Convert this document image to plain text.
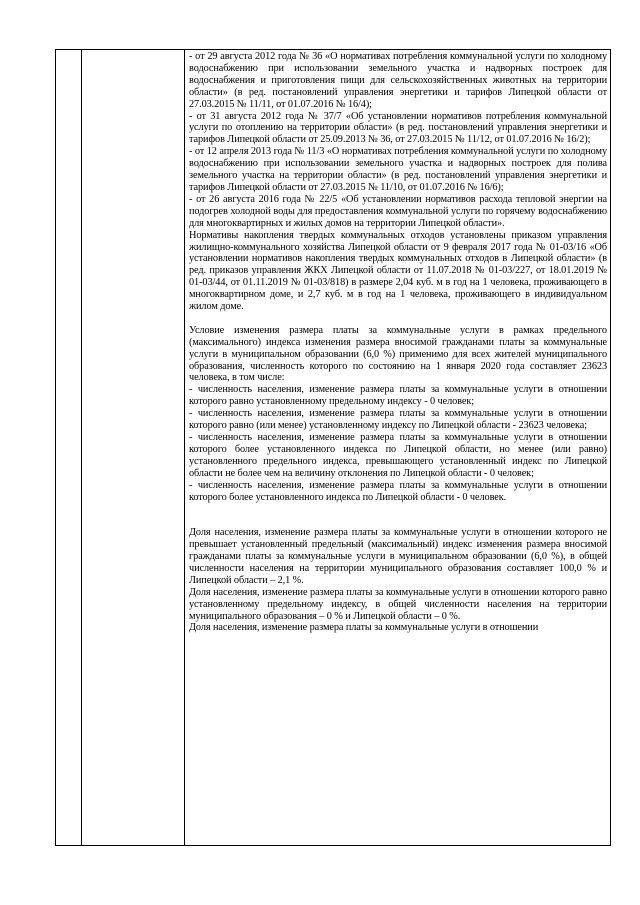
- от 29 августа 2012 года № 36 «О нормативах потребления коммунальной услуги по холодному водоснабжению при использовании земельного участка и надворных построек для водоснабжения и приготовления пищи для сельскохозяйственных животных на территории области» (в ред. постановлений управления энергетики и тарифов Липецкой области от 27.03.2015 № 11/11, от 01.07.2016 № 16/4);

- от 31 августа 2012 года № 37/7 «Об установлении нормативов потребления коммунальной услуги по отоплению на территории области» (в ред. постановлений управления энергетики и тарифов Липецкой области от 25.09.2013 № 36, от 27.03.2015 № 11/12, от 01.07.2016 № 16/2);

- от 12 апреля 2013 года № 11/3 «О нормативах потребления коммунальной услуги по холодному водоснабжению при использовании земельного участка и надворных построек для полива земельного участка на территории области» (в ред. постановлений управления энергетики и тарифов Липецкой области от 27.03.2015 № 11/10, от 01.07.2016 № 16/6);

- от 26 августа 2016 года № 22/5 «Об установлении нормативов расхода тепловой энергии на подогрев холодной воды для предоставления коммунальной услуги по горячему водоснабжению для многоквартирных и жилых домов на территории Липецкой области».

Нормативы накопления твердых коммунальных отходов установлены приказом управления жилищно-коммунального хозяйства Липецкой области от 9 февраля 2017 года № 01-03/16 «Об установлении нормативов накопления твердых коммунальных отходов в Липецкой области» (в ред. приказов управления ЖКХ Липецкой области от 11.07.2018 № 01-03/227, от 18.01.2019 № 01-03/44, от 01.11.2019 № 01-03/818) в размере 2,04 куб. м в год на 1 человека, проживающего в многоквартирном доме, и 2,7 куб. м в год на 1 человека, проживающего в индивидуальном жилом доме.

Условие изменения размера платы за коммунальные услуги в рамках предельного (максимального) индекса изменения размера вносимой гражданами платы за коммунальные услуги в муниципальном образовании (6,0 %) применимо для всех жителей муниципального образования, численность которого по состоянию на 1 января 2020 года составляет 23623 человека, в том числе:

- численность населения, изменение размера платы за коммунальные услуги в отношении которого равно установленному предельному индексу - 0 человек;

- численность населения, изменение размера платы за коммунальные услуги в отношении которого равно (или менее) установленному индексу по Липецкой области - 23623 человека;

- численность населения, изменение размера платы за коммунальные услуги в отношении которого более установленного индекса по Липецкой области, но менее (или равно) установленного предельного индекса, превышающего установленный индекс по Липецкой области не более чем на величину отклонения по Липецкой области - 0 человек;

- численность населения, изменение размера платы за коммунальные услуги в отношении которого более установленного индекса по Липецкой области - 0 человек.

Доля населения, изменение размера платы за коммунальные услуги в отношении которого не превышает установленный предельный (максимальный) индекс изменения размера вносимой гражданами платы за коммунальные услуги в муниципальном образовании (6,0 %), в общей численности населения на территории муниципального образования составляет 100,0 % и Липецкой области – 2,1 %.

Доля населения, изменение размера платы за коммунальные услуги в отношении которого равно установленному предельному индексу, в общей численности населения на территории муниципального образования – 0 % и Липецкой области – 0 %.

Доля населения, изменение размера платы за коммунальные услуги в отношении
